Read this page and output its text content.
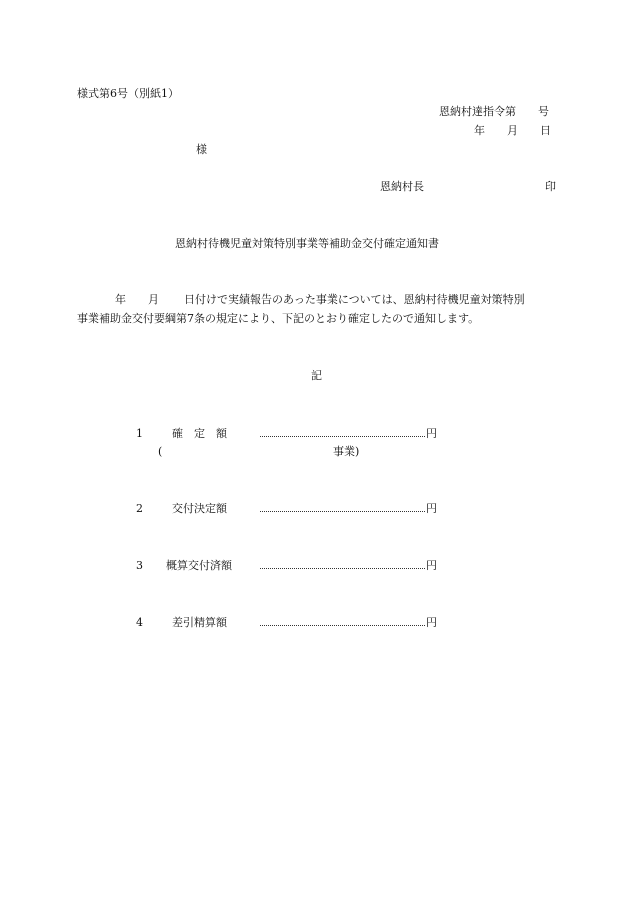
様式第6号（別紙1）
恩納村達指令第　　号
年　　月　　日
様
恩納村長	印
恩納村待機児童対策特別事業等補助金交付確定通知書
年 月 日付けで実績報告のあった事業については、恩納村待機児童対策特別
事業補助金交付要綱第7条の規定により、下記のとおり確定したので通知します。
記
1	確　定　額	円
(	事業)
2	交付決定額	円
3 概算交付済額	円
4	差引精算額	円
